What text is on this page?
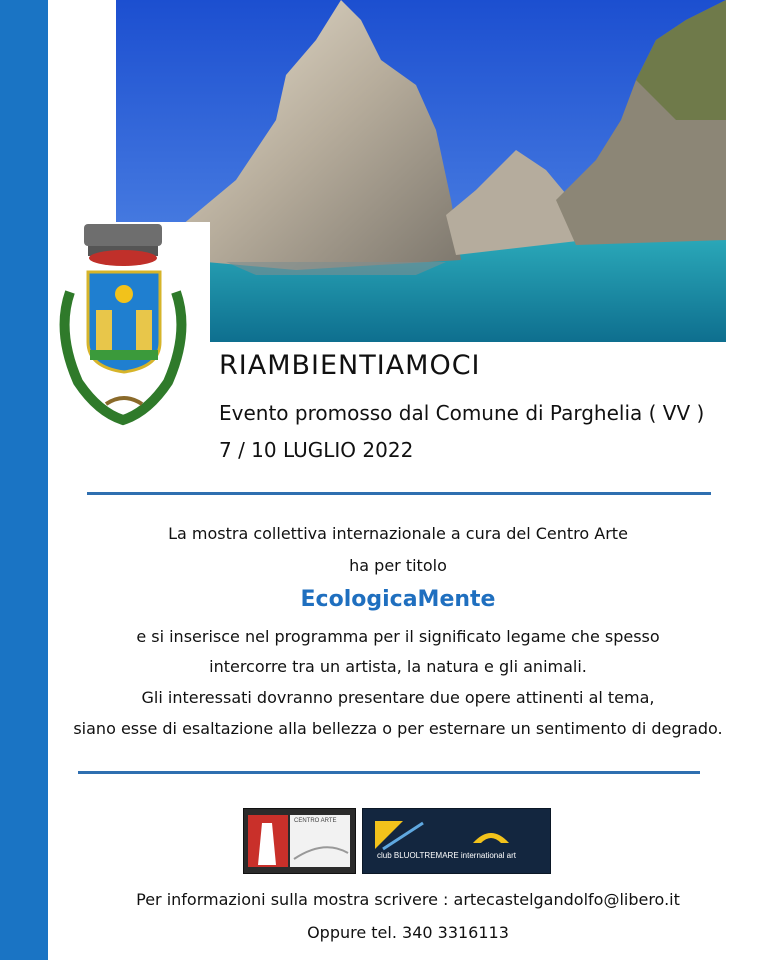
RIAMBIENTIAMOCI
Evento promosso dal Comune di Parghelia ( VV )
7 / 10 LUGLIO 2022
La mostra collettiva internazionale a cura del Centro Arte
ha per titolo
EcologicaMente
e si inserisce nel programma per il significato legame che spesso
intercorre tra un artista, la natura e gli animali.
Gli interessati dovranno presentare due opere attinenti al tema,
siano esse di esaltazione alla bellezza o per esternare un sentimento di degrado.
CENTRO ARTE
club BLUOLTREMARE international art
Per informazioni sulla mostra scrivere : artecastelgandolfo@libero.it
Oppure tel. 340 3316113
